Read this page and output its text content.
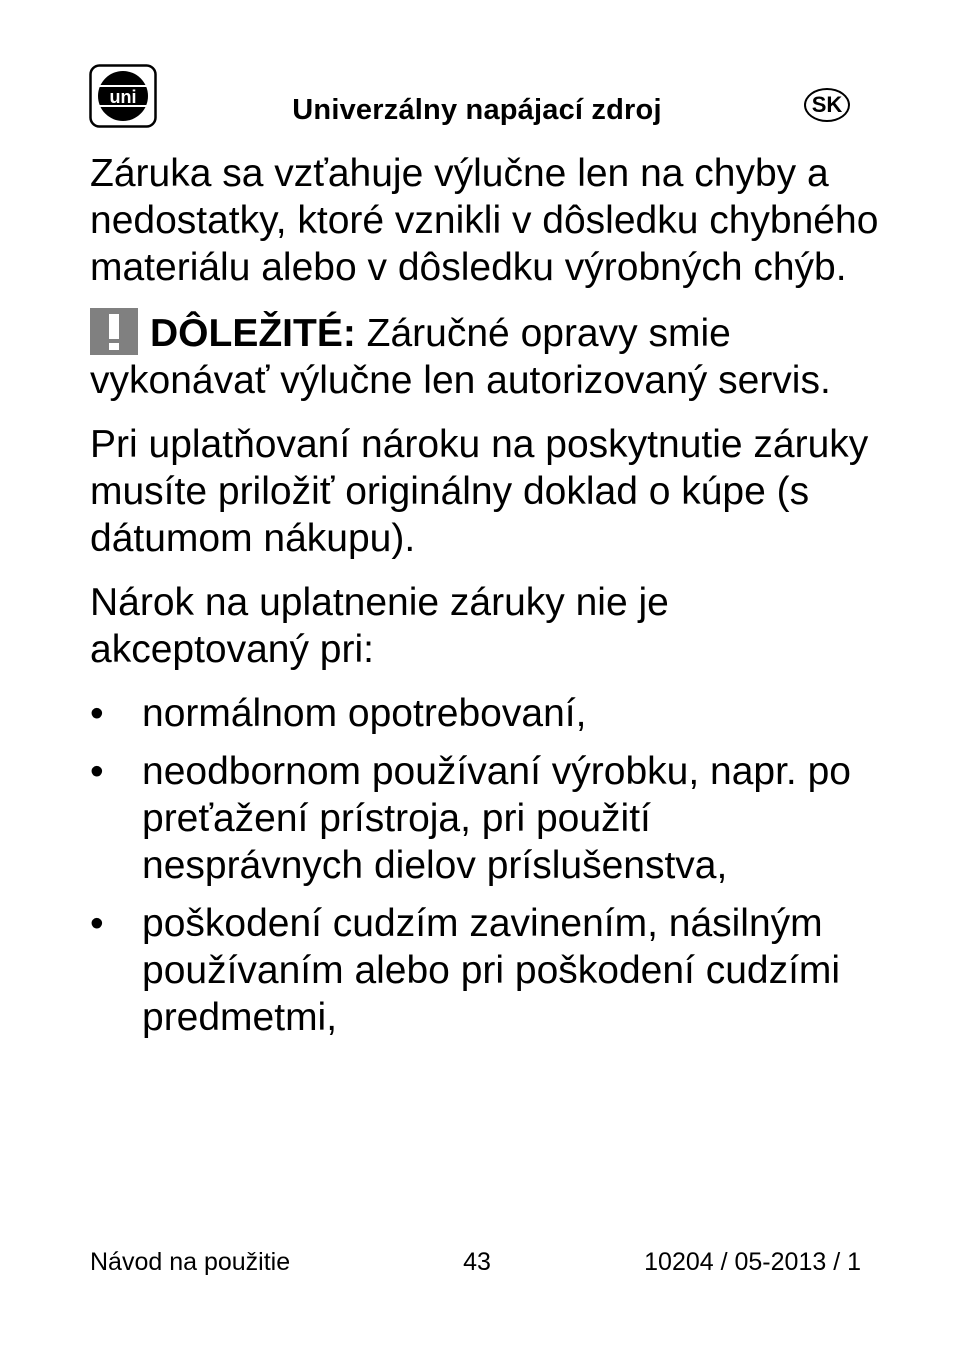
uni	Univerzálny napájací zdroj	SK

Záruka sa vzťahuje výlučne len na chyby a nedostatky, ktoré vznikli v dôsledku chybného materiálu alebo v dôsledku výrobných chýb.

DÔLEŽITÉ: Záručné opravy smie vykonávať výlučne len autorizovaný servis.

Pri uplatňovaní nároku na poskytnutie záruky musíte priložiť originálny doklad o kúpe (s dátumom nákupu).

Nárok na uplatnenie záruky nie je akceptovaný pri:

• normálnom opotrebovaní,
• neodbornom používaní výrobku, napr. po preťažení prístroja, pri použití nesprávnych dielov príslušenstva,
• poškodení cudzím zavinením, násilným používaním alebo pri poškodení cudzími predmetmi,
Návod na použitie	43	10204 / 05-2013 / 1
